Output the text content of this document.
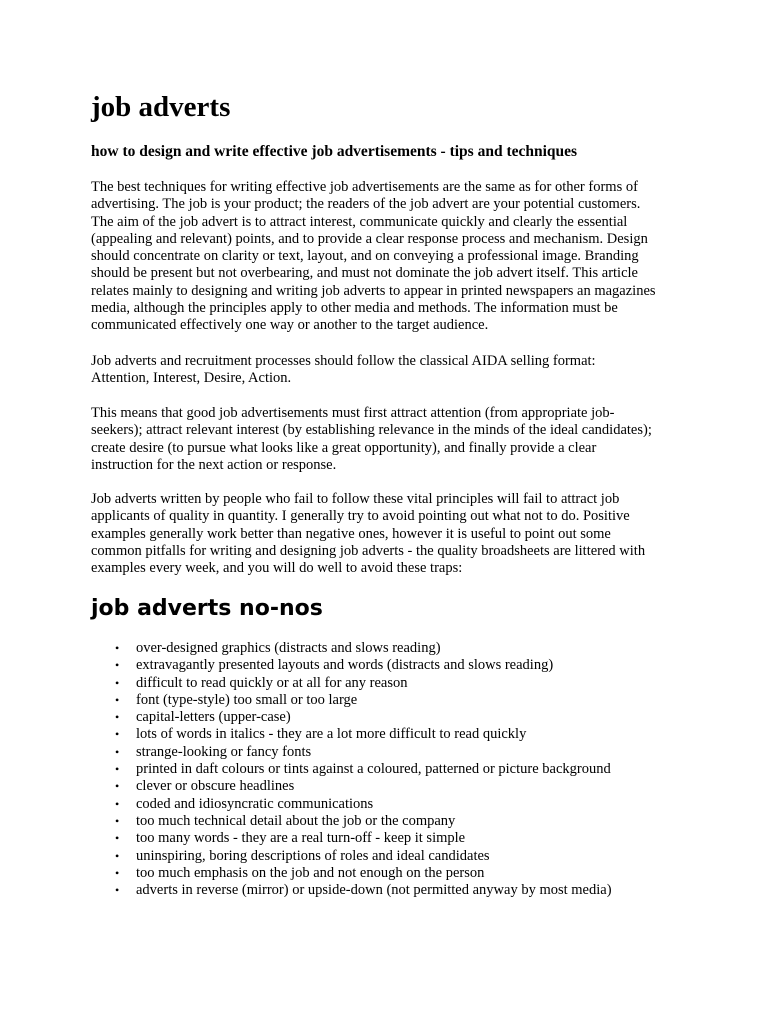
job adverts
how to design and write effective job advertisements - tips and techniques
The best techniques for writing effective job advertisements are the same as for other forms of
advertising. The job is your product; the readers of the job advert are your potential customers.
The aim of the job advert is to attract interest, communicate quickly and clearly the essential
(appealing and relevant) points, and to provide a clear response process and mechanism. Design
should concentrate on clarity or text, layout, and on conveying a professional image. Branding
should be present but not overbearing, and must not dominate the job advert itself. This article
relates mainly to designing and writing job adverts to appear in printed newspapers an magazines
media, although the principles apply to other media and methods. The information must be
communicated effectively one way or another to the target audience.
Job adverts and recruitment processes should follow the classical AIDA selling format:
Attention, Interest, Desire, Action.
This means that good job advertisements must first attract attention (from appropriate job-
seekers); attract relevant interest (by establishing relevance in the minds of the ideal candidates);
create desire (to pursue what looks like a great opportunity), and finally provide a clear
instruction for the next action or response.
Job adverts written by people who fail to follow these vital principles will fail to attract job
applicants of quality in quantity. I generally try to avoid pointing out what not to do. Positive
examples generally work better than negative ones, however it is useful to point out some
common pitfalls for writing and designing job adverts - the quality broadsheets are littered with
examples every week, and you will do well to avoid these traps:
job adverts no-nos
• over-designed graphics (distracts and slows reading)
• extravagantly presented layouts and words (distracts and slows reading)
• difficult to read quickly or at all for any reason
• font (type-style) too small or too large
• capital-letters (upper-case)
• lots of words in italics - they are a lot more difficult to read quickly
• strange-looking or fancy fonts
• printed in daft colours or tints against a coloured, patterned or picture background
• clever or obscure headlines
• coded and idiosyncratic communications
• too much technical detail about the job or the company
• too many words - they are a real turn-off - keep it simple
• uninspiring, boring descriptions of roles and ideal candidates
• too much emphasis on the job and not enough on the person
• adverts in reverse (mirror) or upside-down (not permitted anyway by most media)
